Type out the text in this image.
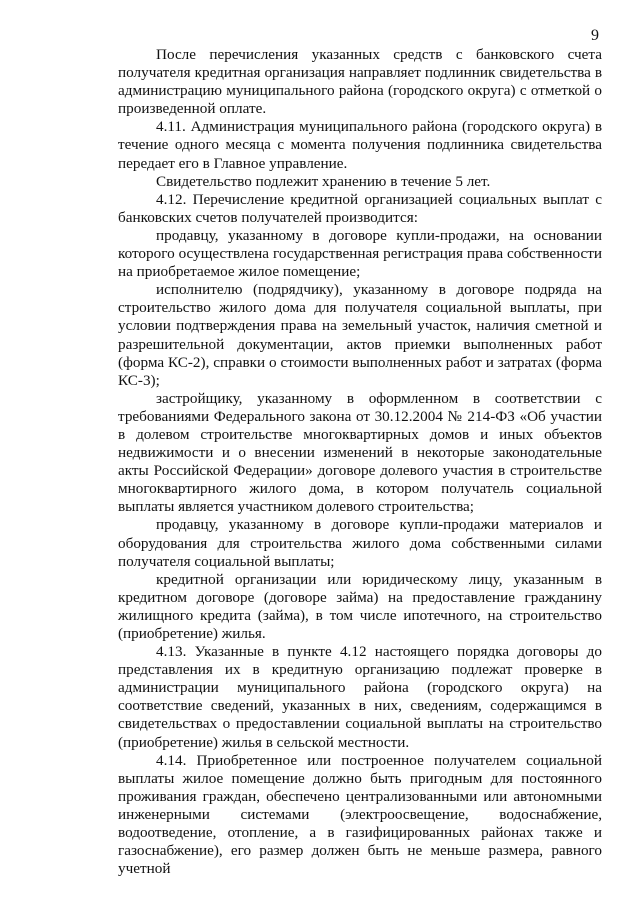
9

После перечисления указанных средств с банковского счета получателя кредитная организация направляет подлинник свидетельства в администрацию муниципального района (городского округа) с отметкой о произведенной оплате.

4.11. Администрация муниципального района (городского округа) в течение одного месяца с момента получения подлинника свидетельства передает его в Главное управление.

Свидетельство подлежит хранению в течение 5 лет.

4.12. Перечисление кредитной организацией социальных выплат с банковских счетов получателей производится:

продавцу, указанному в договоре купли-продажи, на основании которого осуществлена государственная регистрация права собственности на приобретаемое жилое помещение;

исполнителю (подрядчику), указанному в договоре подряда на строительство жилого дома для получателя социальной выплаты, при условии подтверждения права на земельный участок, наличия сметной и разрешительной документации, актов приемки выполненных работ (форма КС-2), справки о стоимости выполненных работ и затратах (форма КС-3);

застройщику, указанному в оформленном в соответствии с требованиями Федерального закона от 30.12.2004 № 214-ФЗ «Об участии в долевом строительстве многоквартирных домов и иных объектов недвижимости и о внесении изменений в некоторые законодательные акты Российской Федерации» договоре долевого участия в строительстве многоквартирного жилого дома, в котором получатель социальной выплаты является участником долевого строительства;

продавцу, указанному в договоре купли-продажи материалов и оборудования для строительства жилого дома собственными силами получателя социальной выплаты;

кредитной организации или юридическому лицу, указанным в кредитном договоре (договоре займа) на предоставление гражданину жилищного кредита (займа), в том числе ипотечного, на строительство (приобретение) жилья.

4.13. Указанные в пункте 4.12 настоящего порядка договоры до представления их в кредитную организацию подлежат проверке в администрации муниципального района (городского округа) на соответствие сведений, указанных в них, сведениям, содержащимся в свидетельствах о предоставлении социальной выплаты на строительство (приобретение) жилья в сельской местности.

4.14. Приобретенное или построенное получателем социальной выплаты жилое помещение должно быть пригодным для постоянного проживания граждан, обеспечено централизованными или автономными инженерными системами (электроосвещение, водоснабжение, водоотведение, отопление, а в газифицированных районах также и газоснабжение), его размер должен быть не меньше размера, равного учетной
